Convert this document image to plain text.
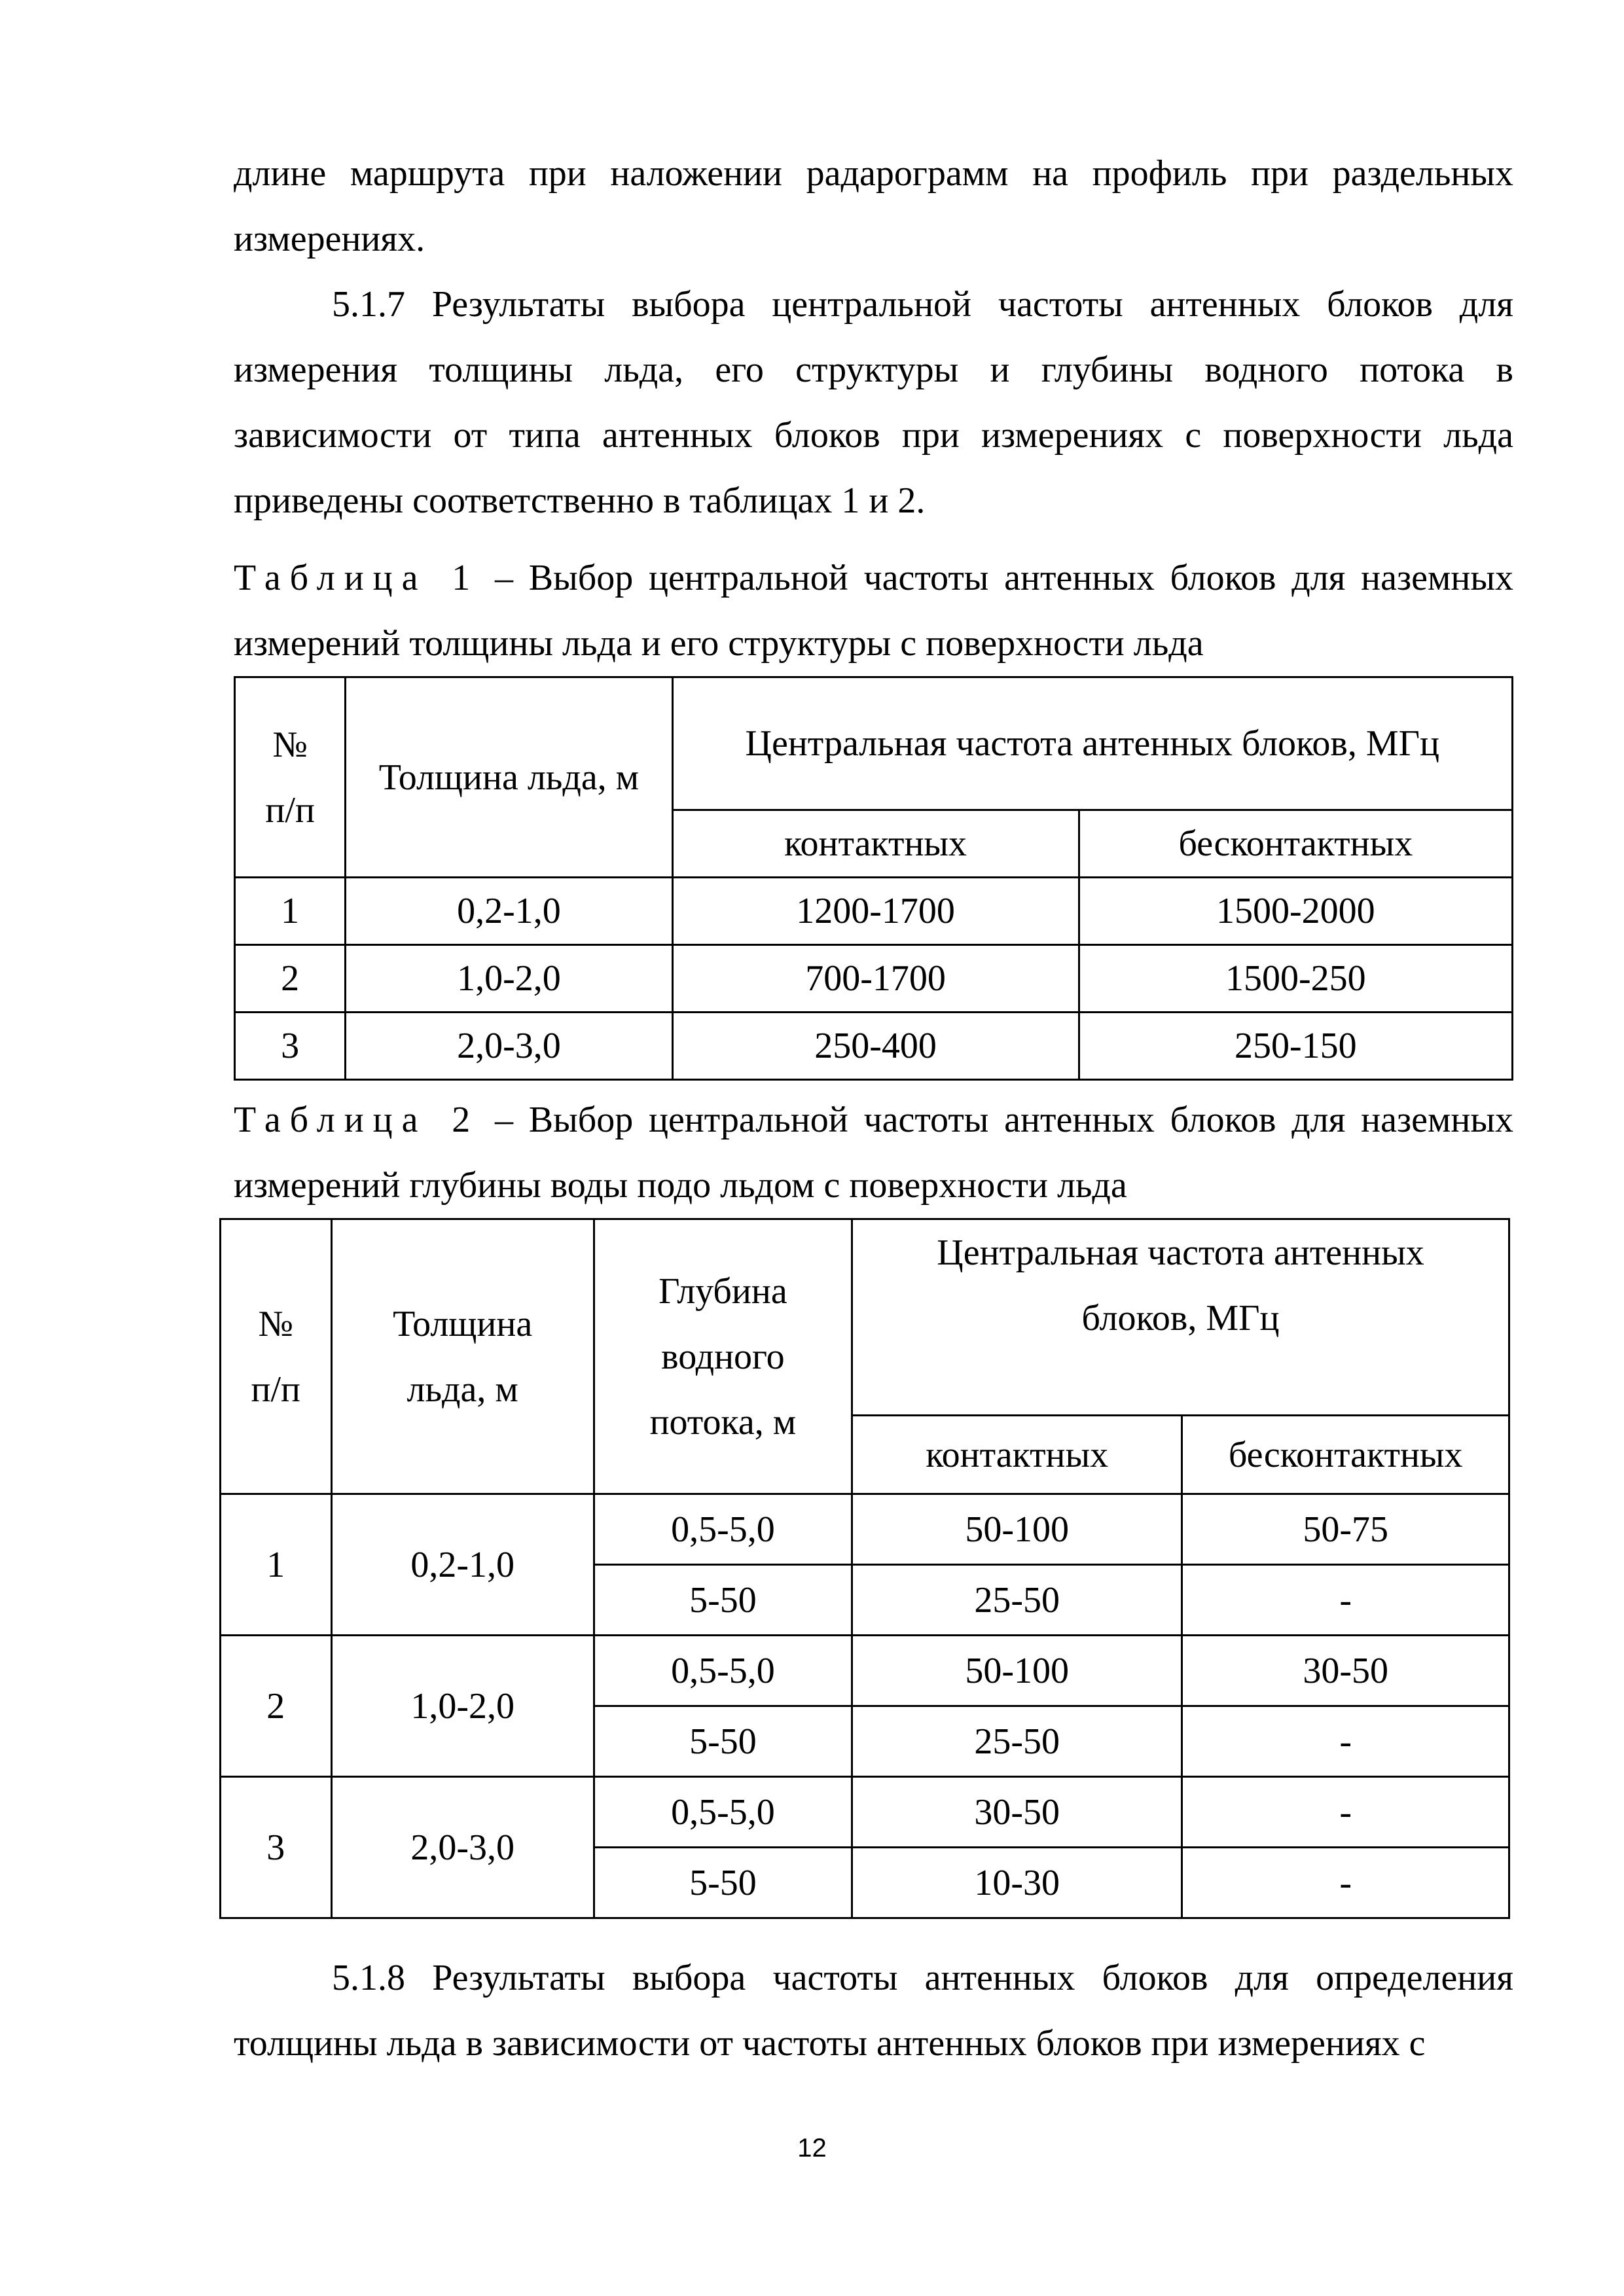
длине маршрута при наложении радарограмм на профиль при раздельных измерениях.

5.1.7 Результаты выбора центральной частоты антенных блоков для измерения толщины льда, его структуры и глубины водного потока в зависимости от типа антенных блоков при измерениях с поверхности льда приведены соответственно в таблицах 1 и 2.

Таблица 1 – Выбор центральной частоты антенных блоков для наземных измерений толщины льда и его структуры с поверхности льда

№ п/п	Толщина льда, м	Центральная частота антенных блоков, МГц	

		контактных	бесконтактных
1	0,2-1,0	1200-1700	1500-2000
2	1,0-2,0	700-1700	1500-250
3	2,0-3,0	250-400	250-150

Таблица 2 – Выбор центральной частоты антенных блоков для наземных измерений глубины воды подо льдом с поверхности льда

№ п/п	Толщина льда, м	Глубина водного потока, м	Центральная частота антенных блоков, МГц	

			контактных	бесконтактных
1	0,2-1,0	0,5-5,0	50-100	50-75
		5-50	25-50	-
2	1,0-2,0	0,5-5,0	50-100	30-50
		5-50	25-50	-
3	2,0-3,0	0,5-5,0	30-50	-
		5-50	10-30	-

5.1.8 Результаты выбора частоты антенных блоков для определения толщины льда в зависимости от частоты антенных блоков при измерениях с

12
